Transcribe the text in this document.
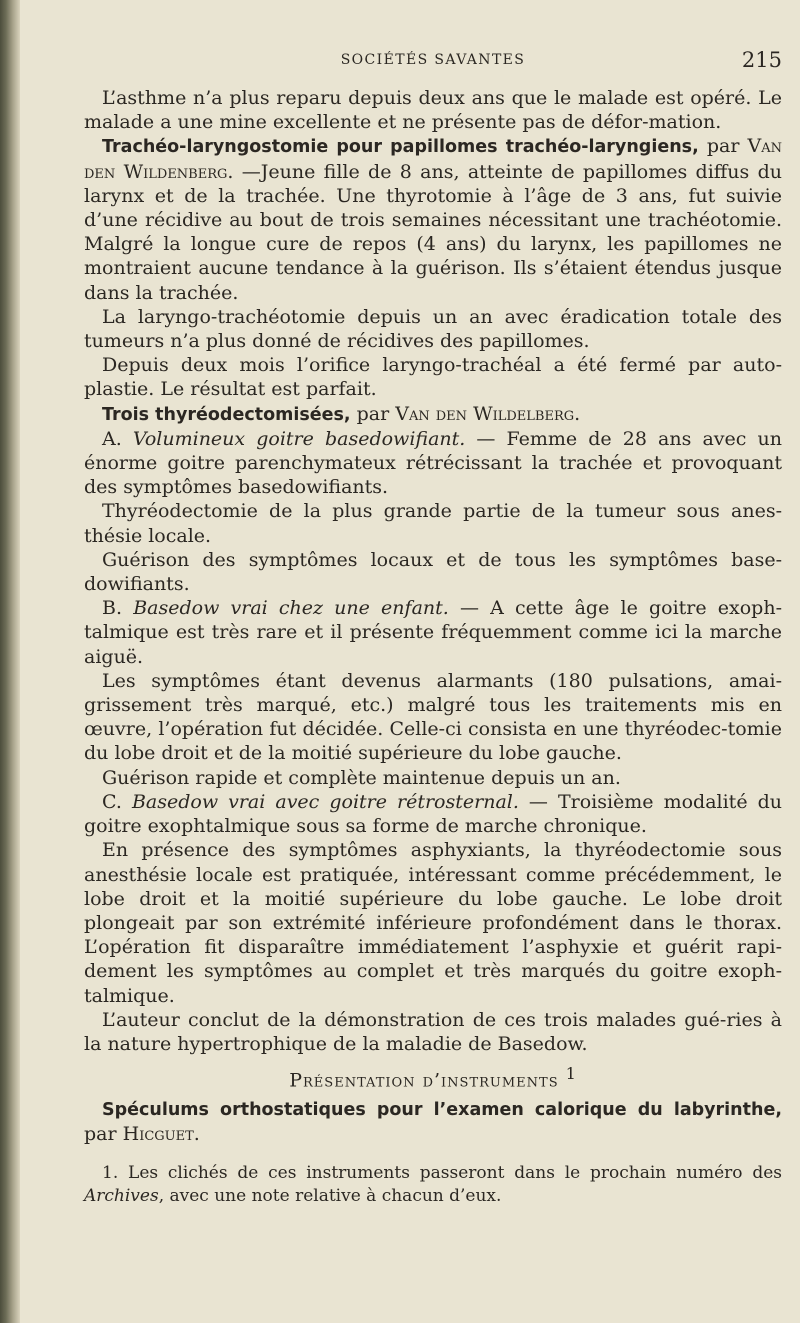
SOCIÉTÉS SAVANTES	215

L’asthme n’a plus reparu depuis deux ans que le malade est opéré. Le malade a une mine excellente et ne présente pas de défor-mation.

Trachéo-laryngostomie pour papillomes trachéo-laryngiens, par Van den Wildenberg. —Jeune fille de 8 ans, atteinte de papillomes diffus du larynx et de la trachée. Une thyrotomie à l’âge de 3 ans, fut suivie d’une récidive au bout de trois semaines nécessitant une trachéotomie. Malgré la longue cure de repos (4 ans) du larynx, les papillomes ne montraient aucune tendance à la guérison. Ils s’étaient étendus jusque dans la trachée.

La laryngo-trachéotomie depuis un an avec éradication totale des tumeurs n’a plus donné de récidives des papillomes.

Depuis deux mois l’orifice laryngo-trachéal a été fermé par auto-plastie. Le résultat est parfait.

Trois thyréodectomisées, par Van den Wildelberg.

A. Volumineux goitre basedowifiant. — Femme de 28 ans avec un énorme goitre parenchymateux rétrécissant la trachée et provoquant des symptômes basedowifiants.

Thyréodectomie de la plus grande partie de la tumeur sous anes-thésie locale.

Guérison des symptômes locaux et de tous les symptômes base-dowifiants.

B. Basedow vrai chez une enfant. — A cette âge le goitre exoph-talmique est très rare et il présente fréquemment comme ici la marche aiguë.

Les symptômes étant devenus alarmants (180 pulsations, amai-grissement très marqué, etc.) malgré tous les traitements mis en œuvre, l’opération fut décidée. Celle-ci consista en une thyréodec-tomie du lobe droit et de la moitié supérieure du lobe gauche.

Guérison rapide et complète maintenue depuis un an.

C. Basedow vrai avec goitre rétrosternal. — Troisième modalité du goitre exophtalmique sous sa forme de marche chronique.

En présence des symptômes asphyxiants, la thyréodectomie sous anesthésie locale est pratiquée, intéressant comme précédemment, le lobe droit et la moitié supérieure du lobe gauche. Le lobe droit plongeait par son extrémité inférieure profondément dans le thorax. L’opération fit disparaître immédiatement l’asphyxie et guérit rapi-dement les symptômes au complet et très marqués du goitre exoph-talmique.

L’auteur conclut de la démonstration de ces trois malades gué-ries à la nature hypertrophique de la maladie de Basedow.

Présentation d’instruments $^1$

Spéculums orthostatiques pour l’examen calorique du labyrinthe, par Hicguet.

1. Les clichés de ces instruments passeront dans le prochain numéro des Archives, avec une note relative à chacun d’eux.
